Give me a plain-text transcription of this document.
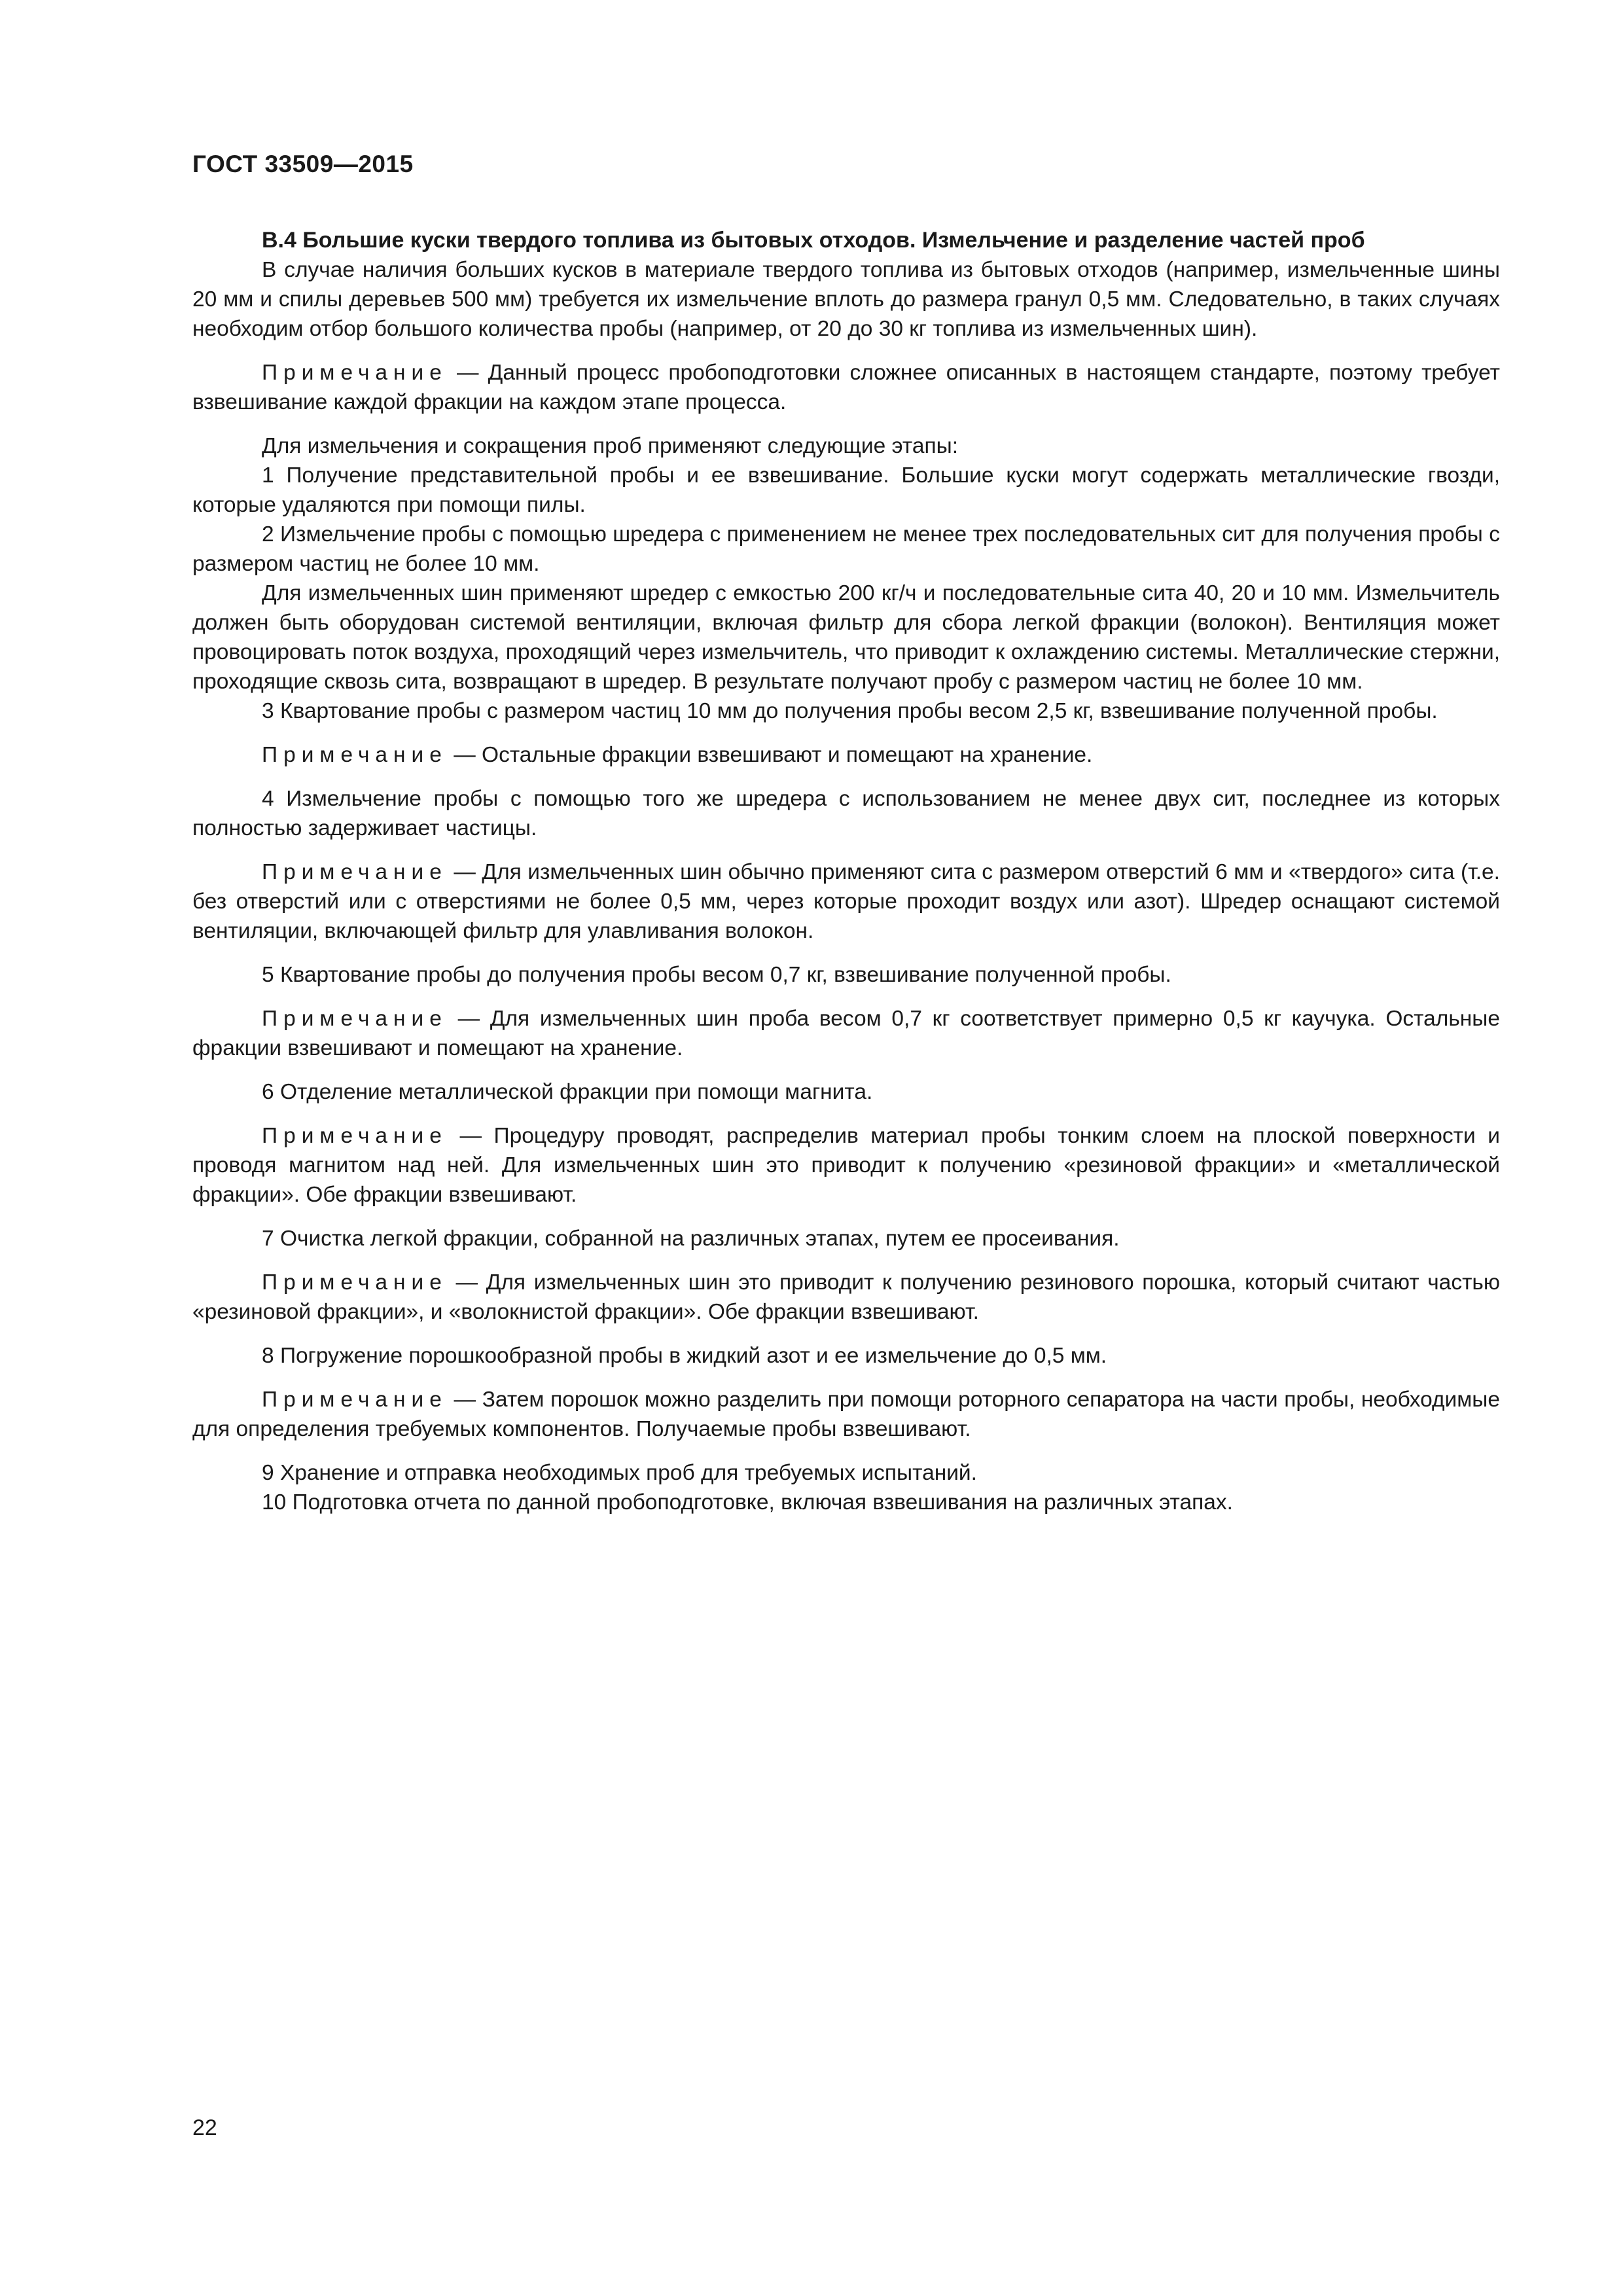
ГОСТ 33509—2015

В.4 Большие куски твердого топлива из бытовых отходов. Измельчение и разделение частей проб

В случае наличия больших кусков в материале твердого топлива из бытовых отходов (например, измельченные шины 20 мм и спилы деревьев 500 мм) требуется их измельчение вплоть до размера гранул 0,5 мм. Следовательно, в таких случаях необходим отбор большого количества пробы (например, от 20 до 30 кг топлива из измельченных шин).

Примечание — Данный процесс пробоподготовки сложнее описанных в настоящем стандарте, поэтому требует взвешивание каждой фракции на каждом этапе процесса.

Для измельчения и сокращения проб применяют следующие этапы:

1 Получение представительной пробы и ее взвешивание. Большие куски могут содержать металлические гвозди, которые удаляются при помощи пилы.

2 Измельчение пробы с помощью шредера с применением не менее трех последовательных сит для получения пробы с размером частиц не более 10 мм.

Для измельченных шин применяют шредер с емкостью 200 кг/ч и последовательные сита 40, 20 и 10 мм. Измельчитель должен быть оборудован системой вентиляции, включая фильтр для сбора легкой фракции (волокон). Вентиляция может провоцировать поток воздуха, проходящий через измельчитель, что приводит к охлаждению системы. Металлические стержни, проходящие сквозь сита, возвращают в шредер. В результате получают пробу с размером частиц не более 10 мм.

3 Квартование пробы с размером частиц 10 мм до получения пробы весом 2,5 кг, взвешивание полученной пробы.

Примечание — Остальные фракции взвешивают и помещают на хранение.

4 Измельчение пробы с помощью того же шредера с использованием не менее двух сит, последнее из которых полностью задерживает частицы.

Примечание — Для измельченных шин обычно применяют сита с размером отверстий 6 мм и «твердого» сита (т.е. без отверстий или с отверстиями не более 0,5 мм, через которые проходит воздух или азот). Шредер оснащают системой вентиляции, включающей фильтр для улавливания волокон.

5 Квартование пробы до получения пробы весом 0,7 кг, взвешивание полученной пробы.

Примечание — Для измельченных шин проба весом 0,7 кг соответствует примерно 0,5 кг каучука. Остальные фракции взвешивают и помещают на хранение.

6 Отделение металлической фракции при помощи магнита.

Примечание — Процедуру проводят, распределив материал пробы тонким слоем на плоской поверхности и проводя магнитом над ней. Для измельченных шин это приводит к получению «резиновой фракции» и «металлической фракции». Обе фракции взвешивают.

7 Очистка легкой фракции, собранной на различных этапах, путем ее просеивания.

Примечание — Для измельченных шин это приводит к получению резинового порошка, который считают частью «резиновой фракции», и «волокнистой фракции». Обе фракции взвешивают.

8 Погружение порошкообразной пробы в жидкий азот и ее измельчение до 0,5 мм.

Примечание — Затем порошок можно разделить при помощи роторного сепаратора на части пробы, необходимые для определения требуемых компонентов. Получаемые пробы взвешивают.

9 Хранение и отправка необходимых проб для требуемых испытаний.

10 Подготовка отчета по данной пробоподготовке, включая взвешивания на различных этапах.

22
